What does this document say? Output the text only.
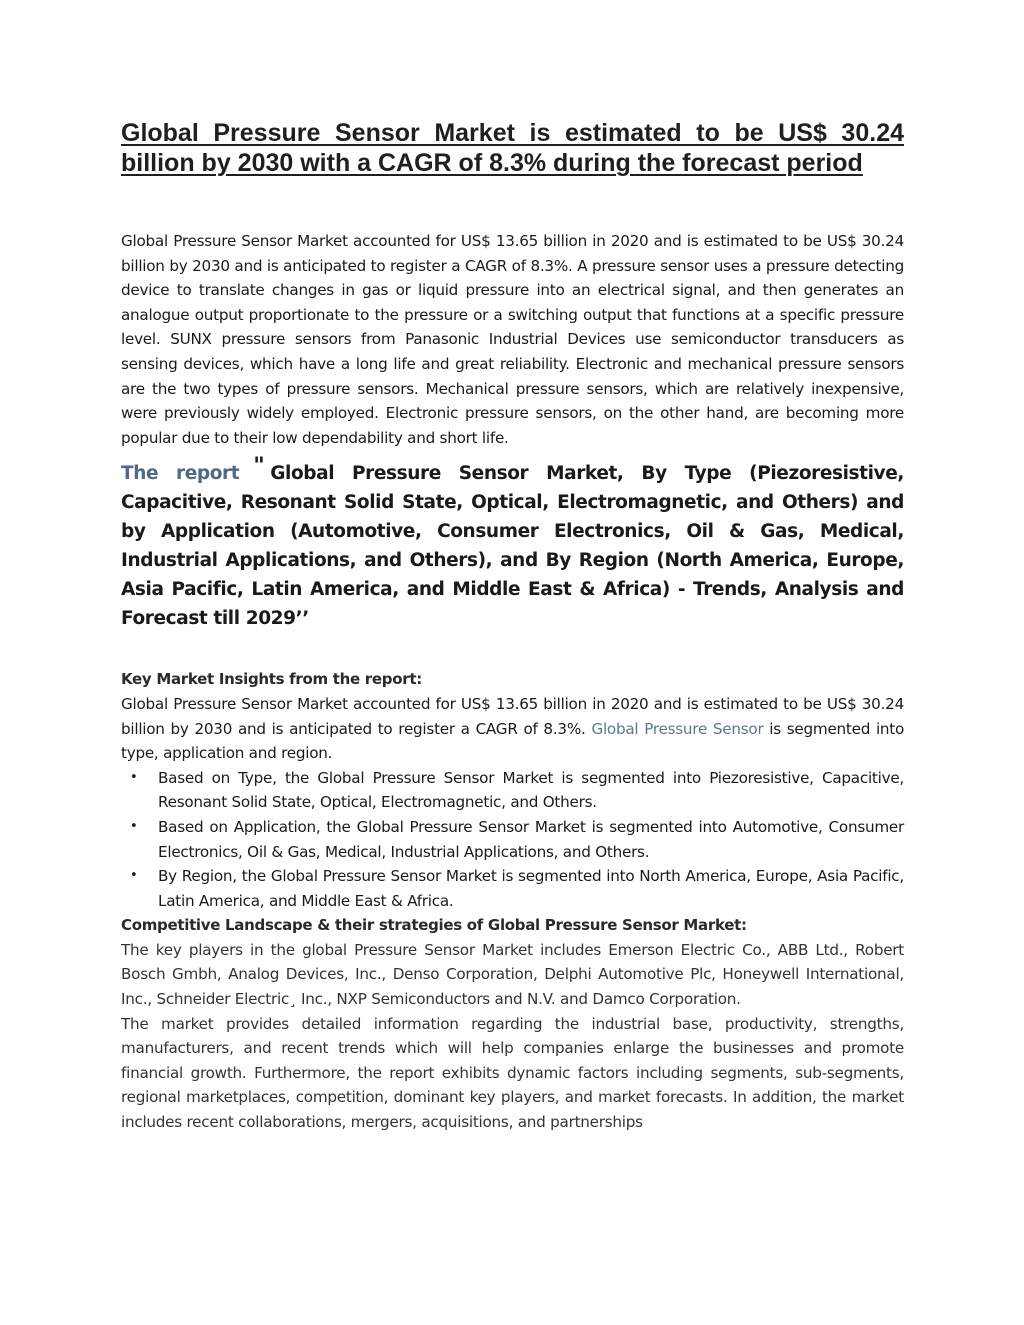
Global Pressure Sensor Market is estimated to be US$ 30.24 billion by 2030 with a CAGR of 8.3% during the forecast period

Global Pressure Sensor Market accounted for US$ 13.65 billion in 2020 and is estimated to be US$ 30.24 billion by 2030 and is anticipated to register a CAGR of 8.3%. A pressure sensor uses a pressure detecting device to translate changes in gas or liquid pressure into an electrical signal, and then generates an analogue output proportionate to the pressure or a switching output that functions at a specific pressure level. SUNX pressure sensors from Panasonic Industrial Devices use semiconductor transducers as sensing devices, which have a long life and great reliability. Electronic and mechanical pressure sensors are the two types of pressure sensors. Mechanical pressure sensors, which are relatively inexpensive, were previously widely employed. Electronic pressure sensors, on the other hand, are becoming more popular due to their low dependability and short life.

The report " Global Pressure Sensor Market, By Type (Piezoresistive, Capacitive, Resonant Solid State, Optical, Electromagnetic, and Others) and by Application (Automotive, Consumer Electronics, Oil & Gas, Medical, Industrial Applications, and Others), and By Region (North America, Europe, Asia Pacific, Latin America, and Middle East & Africa) - Trends, Analysis and Forecast till 2029’’

Key Market Insights from the report:

Global Pressure Sensor Market accounted for US$ 13.65 billion in 2020 and is estimated to be US$ 30.24 billion by 2030 and is anticipated to register a CAGR of 8.3%. Global Pressure Sensor is segmented into type, application and region.

• Based on Type, the Global Pressure Sensor Market is segmented into Piezoresistive, Capacitive, Resonant Solid State, Optical, Electromagnetic, and Others.
• Based on Application, the Global Pressure Sensor Market is segmented into Automotive, Consumer Electronics, Oil & Gas, Medical, Industrial Applications, and Others.
• By Region, the Global Pressure Sensor Market is segmented into North America, Europe, Asia Pacific, Latin America, and Middle East & Africa.

Competitive Landscape & their strategies of Global Pressure Sensor Market:

The key players in the global Pressure Sensor Market includes Emerson Electric Co., ABB Ltd., Robert Bosch Gmbh, Analog Devices, Inc., Denso Corporation, Delphi Automotive Plc, Honeywell International, Inc., Schneider Electric¸ Inc., NXP Semiconductors and N.V. and Damco Corporation.

The market provides detailed information regarding the industrial base, productivity, strengths, manufacturers, and recent trends which will help companies enlarge the businesses and promote financial growth. Furthermore, the report exhibits dynamic factors including segments, sub-segments, regional marketplaces, competition, dominant key players, and market forecasts. In addition, the market includes recent collaborations, mergers, acquisitions, and partnerships
